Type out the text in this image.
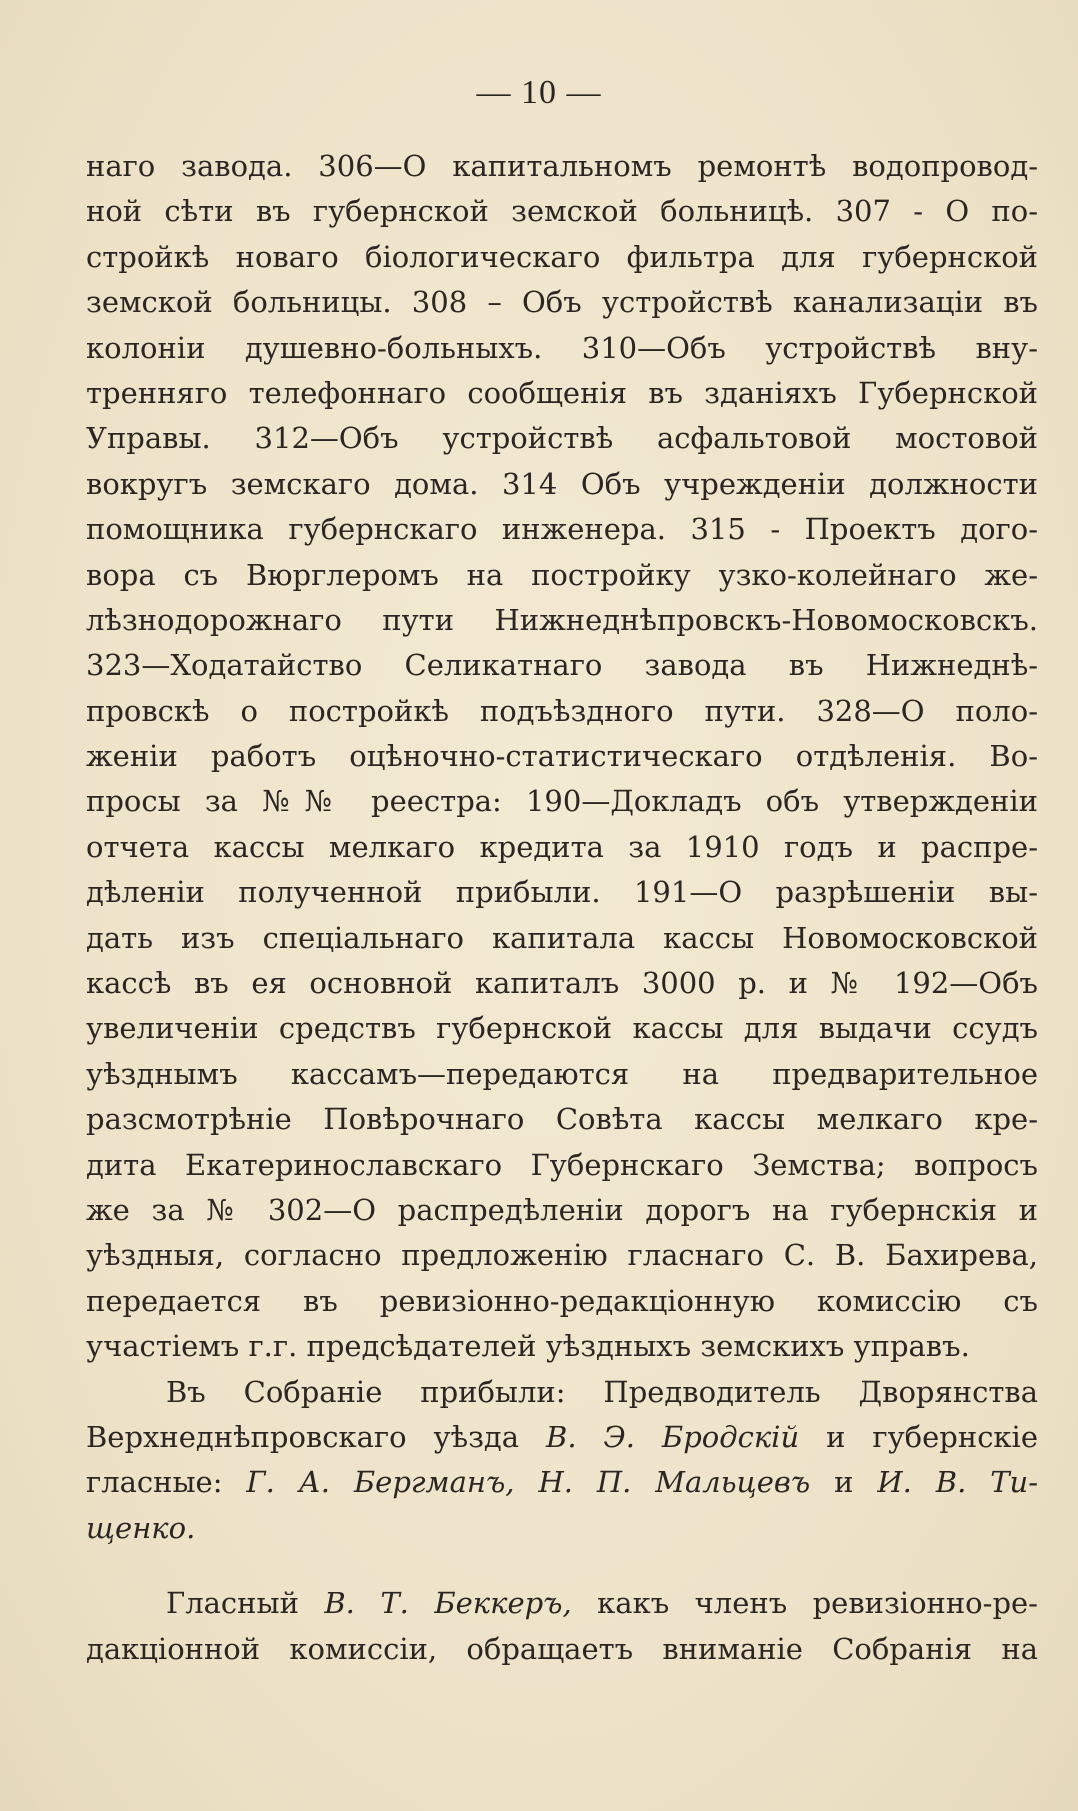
— 10 —
наго завода. 306—О капитальномъ ремонтѣ водопровод-
ной сѣти въ губернской земской больницѣ. 307 - О по-
стройкѣ новаго біологическаго фильтра для губернской
земской больницы. 308 – Объ устройствѣ канализаціи въ
колоніи душевно-больныхъ. 310—Объ устройствѣ вну-
тренняго телефоннаго сообщенія въ зданіяхъ Губернской
Управы. 312—Объ устройствѣ асфальтовой мостовой
вокругъ земскаго дома. 314 Объ учрежденіи должности
помощника губернскаго инженера. 315 - Проектъ дого-
вора съ Вюрглеромъ на постройку узко-колейнаго же-
лѣзнодорожнаго пути Нижнеднѣпровскъ-Новомосковскъ.
323—Ходатайство Селикатнаго завода въ Нижнеднѣ-
провскѣ о постройкѣ подъѣздного пути. 328—О поло-
женіи работъ оцѣночно-статистическаго отдѣленія. Во-
просы за №№ реестра: 190—Докладъ объ утвержденіи
отчета кассы мелкаго кредита за 1910 годъ и распре-
дѣленіи полученной прибыли. 191—О разрѣшеніи вы-
дать изъ спеціальнаго капитала кассы Новомосковской
кассѣ въ ея основной капиталъ 3000 р. и № 192—Объ
увеличеніи средствъ губернской кассы для выдачи ссудъ
уѣзднымъ кассамъ—передаются на предварительное
разсмотрѣніе Повѣрочнаго Совѣта кассы мелкаго кре-
дита Екатеринославскаго Губернскаго Земства; вопросъ
же за № 302—О распредѣленіи дорогъ на губернскія и
уѣздныя, согласно предложенію гласнаго С. В. Бахирева,
передается въ ревизіонно-редакціонную комиссію съ
участіемъ г.г. предсѣдателей уѣздныхъ земскихъ управъ.
Въ Собраніе прибыли: Предводитель Дворянства
Верхнеднѣпровскаго уѣзда В. Э. Бродскій и губернскіе
гласные: Г. А. Бергманъ, Н. П. Мальцевъ и И. В. Ти-
щенко.
Гласный В. Т. Беккеръ, какъ членъ ревизіонно-ре-
дакціонной комиссіи, обращаетъ вниманіе Собранія на
